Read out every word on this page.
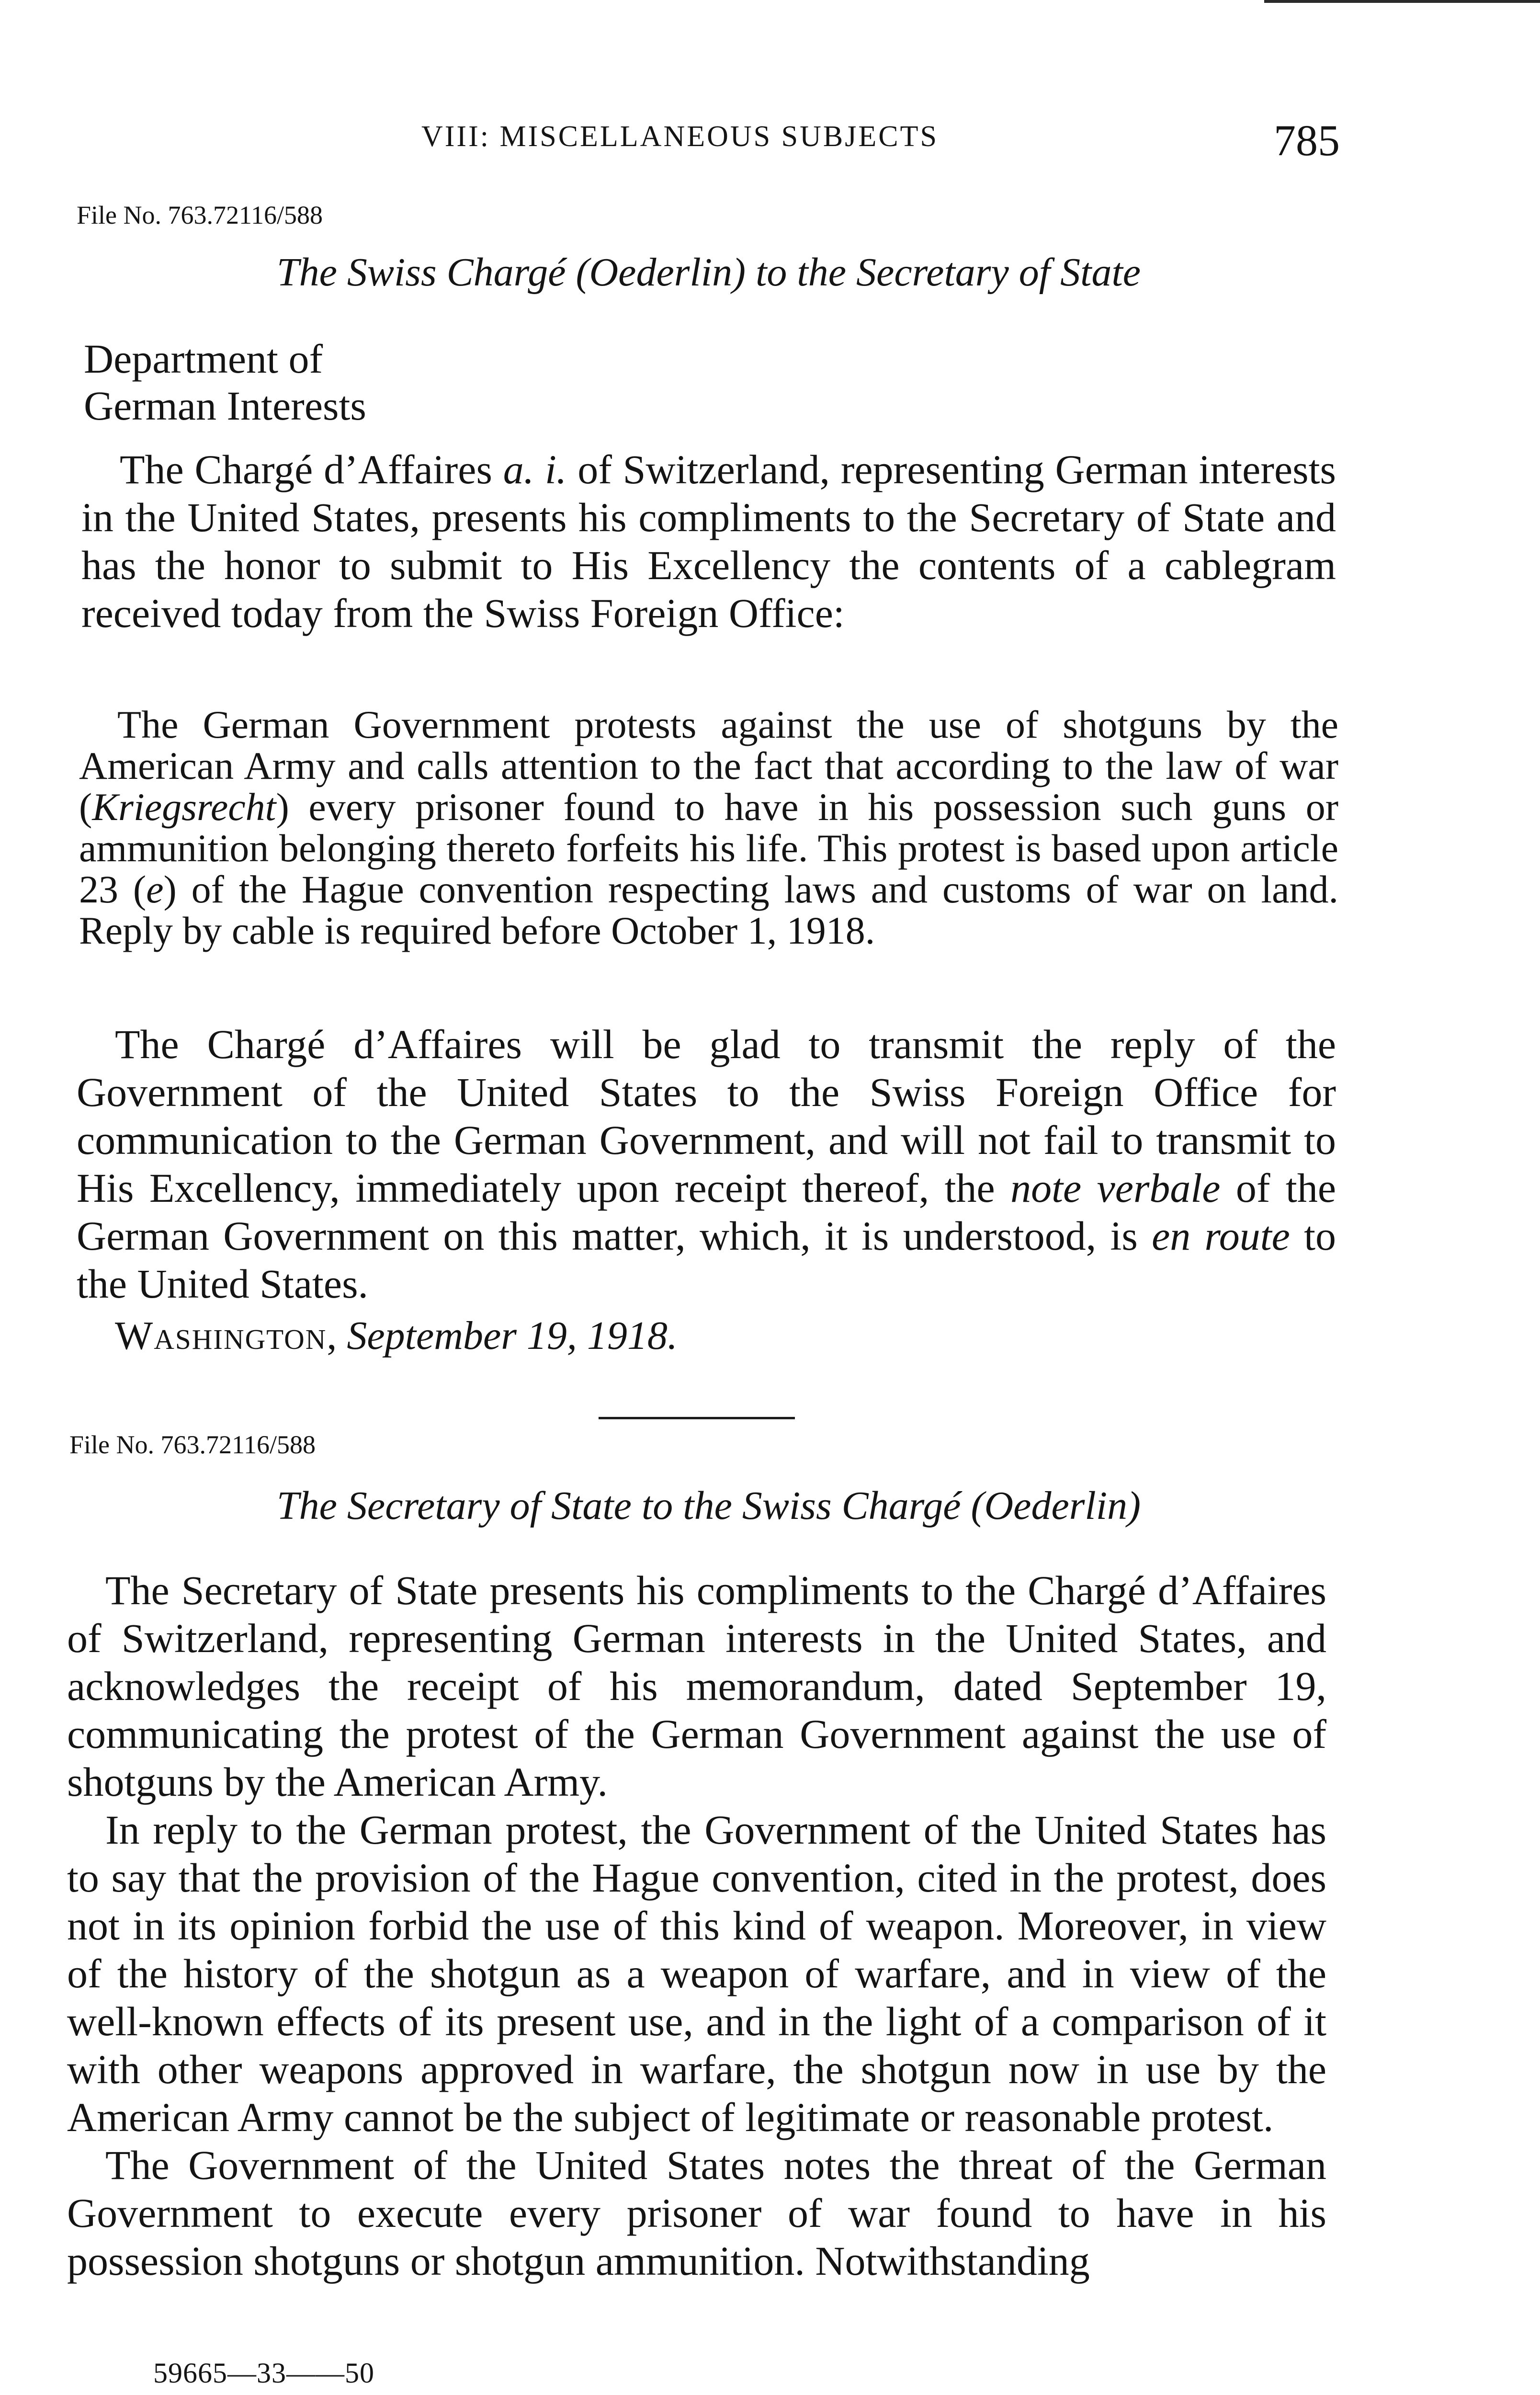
VIII: MISCELLANEOUS SUBJECTS	785
File No. 763.72116/588
The Swiss Chargé (Oederlin) to the Secretary of State
Department of
German Interests

The Chargé d’Affaires a. i. of Switzerland, representing German interests in the United States, presents his compliments to the Secretary of State and has the honor to submit to His Excellency the contents of a cablegram received today from the Swiss Foreign Office:

The German Government protests against the use of shotguns by the American Army and calls attention to the fact that according to the law of war (Kriegsrecht) every prisoner found to have in his possession such guns or ammunition belonging thereto forfeits his life. This protest is based upon article 23 (e) of the Hague convention respecting laws and customs of war on land. Reply by cable is required before October 1, 1918.

The Chargé d’Affaires will be glad to transmit the reply of the Government of the United States to the Swiss Foreign Office for communication to the German Government, and will not fail to transmit to His Excellency, immediately upon receipt thereof, the note verbale of the German Government on this matter, which, it is understood, is en route to the United States.

Washington, September 19, 1918.
File No. 763.72116/588
The Secretary of State to the Swiss Chargé (Oederlin)

The Secretary of State presents his compliments to the Chargé d’Affaires of Switzerland, representing German interests in the United States, and acknowledges the receipt of his memorandum, dated September 19, communicating the protest of the German Government against the use of shotguns by the American Army.

In reply to the German protest, the Government of the United States has to say that the provision of the Hague convention, cited in the protest, does not in its opinion forbid the use of this kind of weapon. Moreover, in view of the history of the shotgun as a weapon of warfare, and in view of the well-known effects of its present use, and in the light of a comparison of it with other weapons approved in warfare, the shotgun now in use by the American Army cannot be the subject of legitimate or reasonable protest.

The Government of the United States notes the threat of the German Government to execute every prisoner of war found to have in his possession shotguns or shotgun ammunition. Notwithstanding

59665—33——50
